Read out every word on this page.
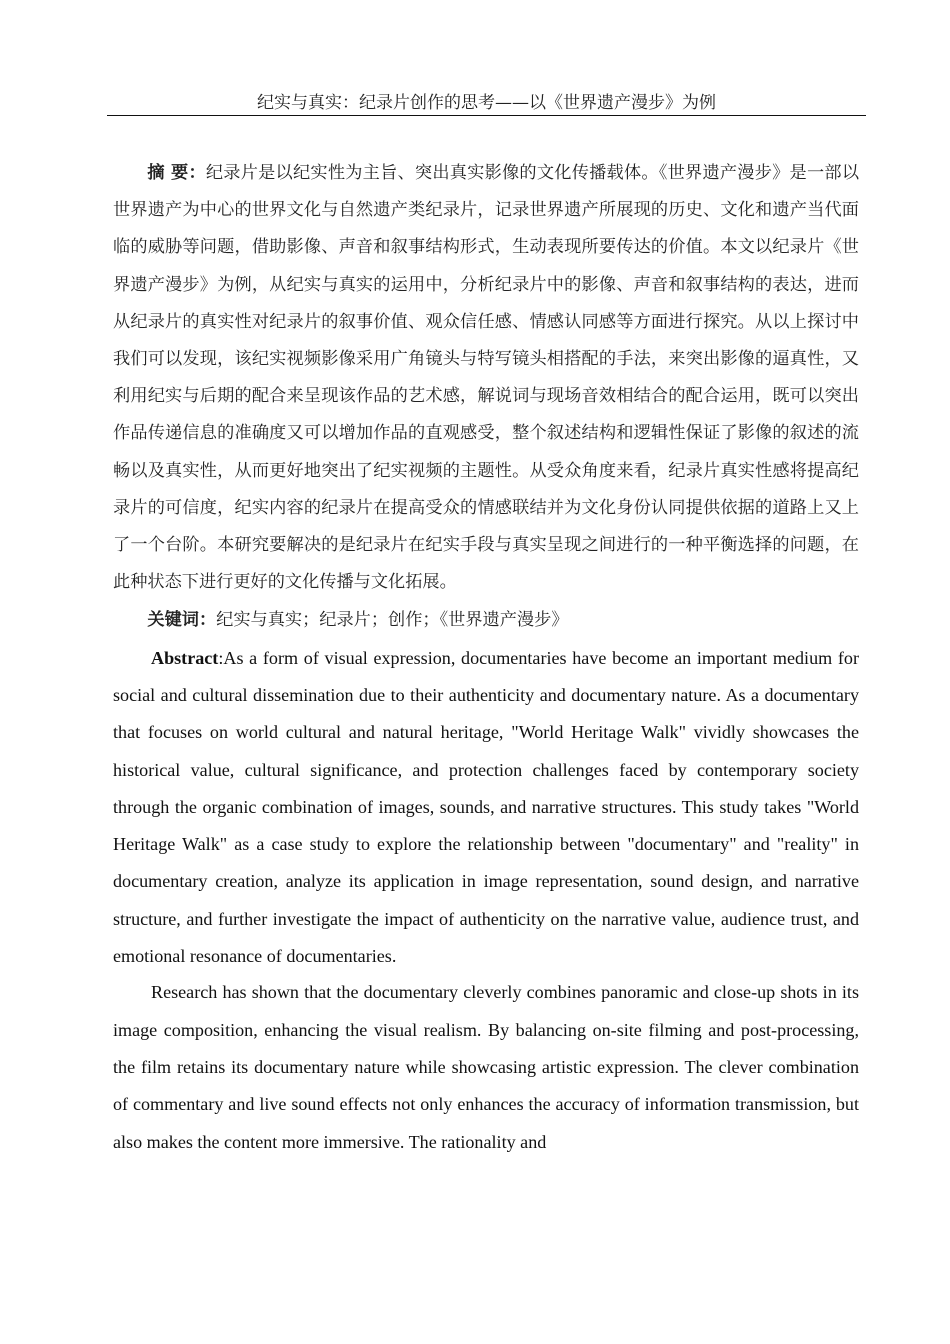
纪实与真实：纪录片创作的思考——以《世界遗产漫步》为例

摘 要：纪录片是以纪实性为主旨、突出真实影像的文化传播载体。《世界遗产漫步》是一部以世界遗产为中心的世界文化与自然遗产类纪录片，记录世界遗产所展现的历史、文化和遗产当代面临的威胁等问题，借助影像、声音和叙事结构形式，生动表现所要传达的价值。本文以纪录片《世界遗产漫步》为例，从纪实与真实的运用中，分析纪录片中的影像、声音和叙事结构的表达，进而从纪录片的真实性对纪录片的叙事价值、观众信任感、情感认同感等方面进行探究。从以上探讨中我们可以发现，该纪实视频影像采用广角镜头与特写镜头相搭配的手法，来突出影像的逼真性，又利用纪实与后期的配合来呈现该作品的艺术感，解说词与现场音效相结合的配合运用，既可以突出作品传递信息的准确度又可以增加作品的直观感受，整个叙述结构和逻辑性保证了影像的叙述的流畅以及真实性，从而更好地突出了纪实视频的主题性。从受众角度来看，纪录片真实性感将提高纪录片的可信度，纪实内容的纪录片在提高受众的情感联结并为文化身份认同提供依据的道路上又上了一个台阶。本研究要解决的是纪录片在纪实手段与真实呈现之间进行的一种平衡选择的问题，在此种状态下进行更好的文化传播与文化拓展。

关键词：纪实与真实；纪录片；创作；《世界遗产漫步》

Abstract:As a form of visual expression, documentaries have become an important medium for social and cultural dissemination due to their authenticity and documentary nature. As a documentary that focuses on world cultural and natural heritage, "World Heritage Walk" vividly showcases the historical value, cultural significance, and protection challenges faced by contemporary society through the organic combination of images, sounds, and narrative structures. This study takes "World Heritage Walk" as a case study to explore the relationship between "documentary" and "reality" in documentary creation, analyze its application in image representation, sound design, and narrative structure, and further investigate the impact of authenticity on the narrative value, audience trust, and emotional resonance of documentaries.

Research has shown that the documentary cleverly combines panoramic and close-up shots in its image composition, enhancing the visual realism. By balancing on-site filming and post-processing, the film retains its documentary nature while showcasing artistic expression. The clever combination of commentary and live sound effects not only enhances the accuracy of information transmission, but also makes the content more immersive. The rationality and
